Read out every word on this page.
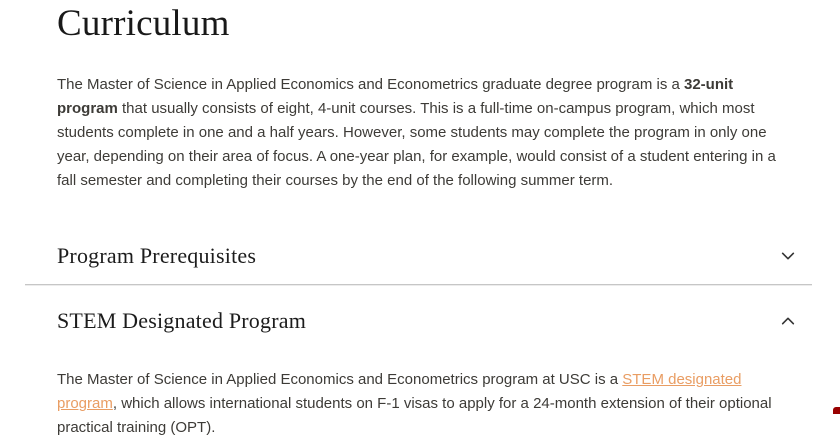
Curriculum

The Master of Science in Applied Economics and Econometrics graduate degree program is a 32-unit program that usually consists of eight, 4-unit courses. This is a full-time on-campus program, which most students complete in one and a half years. However, some students may complete the program in only one year, depending on their area of focus. A one-year plan, for example, would consist of a student entering in a fall semester and completing their courses by the end of the following summer term.

Program Prerequisites
STEM Designated Program

The Master of Science in Applied Economics and Econometrics program at USC is a STEM designated program, which allows international students on F-1 visas to apply for a 24-month extension of their optional practical training (OPT).
